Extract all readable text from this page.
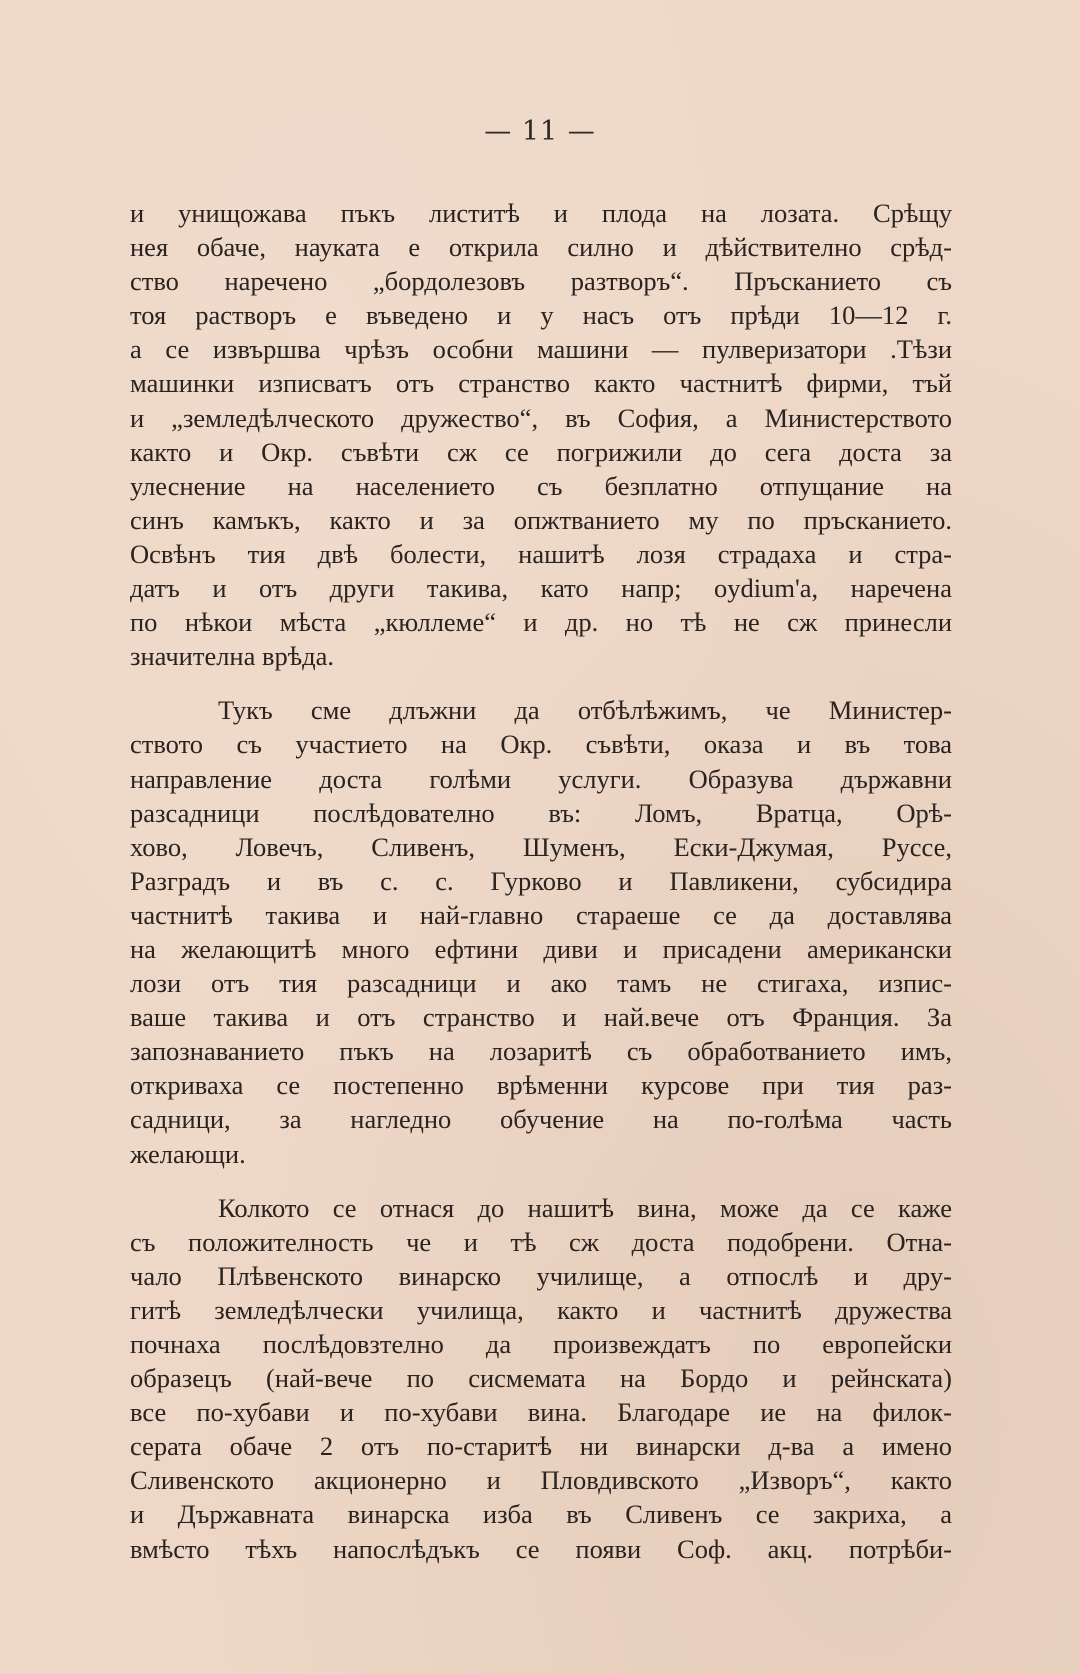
— 11 —
и унищожава пъкъ листитѣ и плода на лозата. Срѣщу
нея обаче, науката е открила силно и дѣйствително срѣд-
ство наречено „бордолезовъ разтворъ“. Пръсканието съ
тоя растворъ е въведено и у насъ отъ прѣди 10—12 г.
а се извършва чрѣзъ особни машини — пулверизатори .Тѣзи
машинки изписватъ отъ странство както частнитѣ фирми, тъй
и „земледѣлческото дружество“, въ София, а Министерството
както и Окр. съвѣти сж се погрижили до сега доста за
улеснение на населението съ безплатно отпущание на
синъ камъкъ, както и за опжтванието му по пръсканието.
Освѣнъ тия двѣ болести, нашитѣ лозя страдаха и стра-
датъ и отъ други такива, като напр; oydium'a, наречена
по нѣкои мѣста „кюллеме“ и др. но тѣ не сж принесли
значителна врѣда.
Тукъ сме длъжни да отбѣлѣжимъ, че Министер-
ството съ участието на Окр. съвѣти, оказа и въ това
направление доста голѣми услуги. Образува държавни
разсадници послѣдователно въ: Ломъ, Врaтца, Орѣ-
хово, Ловечъ, Сливенъ, Шуменъ, Ески-Джумая, Руссе,
Разградъ и въ с. с. Гурково и Павликени, субсидира
частнитѣ такива и най-главно стараеше се да доставлява
на желающитѣ много ефтини диви и присадени американски
лози отъ тия разсадници и ако тамъ не стигаха, изпис-
ваше такива и отъ странство и най.вече отъ Франция. За
запознаванието пъкъ на лозаритѣ съ обработванието имъ,
откриваха се постепенно врѣменни курсове при тия раз-
садници, за нагледно обучение на по-голѣма часть
желающи.
Колкото се отнася до нашитѣ вина, може да се каже
съ положителность че и тѣ сж доста подобрени. Отна-
чало Плѣвенското винарско училище, а отпослѣ и дру-
гитѣ земледѣлчески училища, както и частнитѣ дружества
почнаха послѣдовзтелно да произвеждатъ по европейски
образецъ (най-вече по сисмемата на Бордо и рейнската)
все по-хубави и по-хубави вина. Благодаре ие на филок-
серата обаче 2 отъ по-старитѣ ни винарски д-ва а имено
Сливенското акционерно и Пловдивското „Изворъ“, както
и Държавната винарска изба въ Сливенъ се закриха, а
вмѣсто тѣхъ напослѣдъкъ се появи Соф. акц. потрѣби-
